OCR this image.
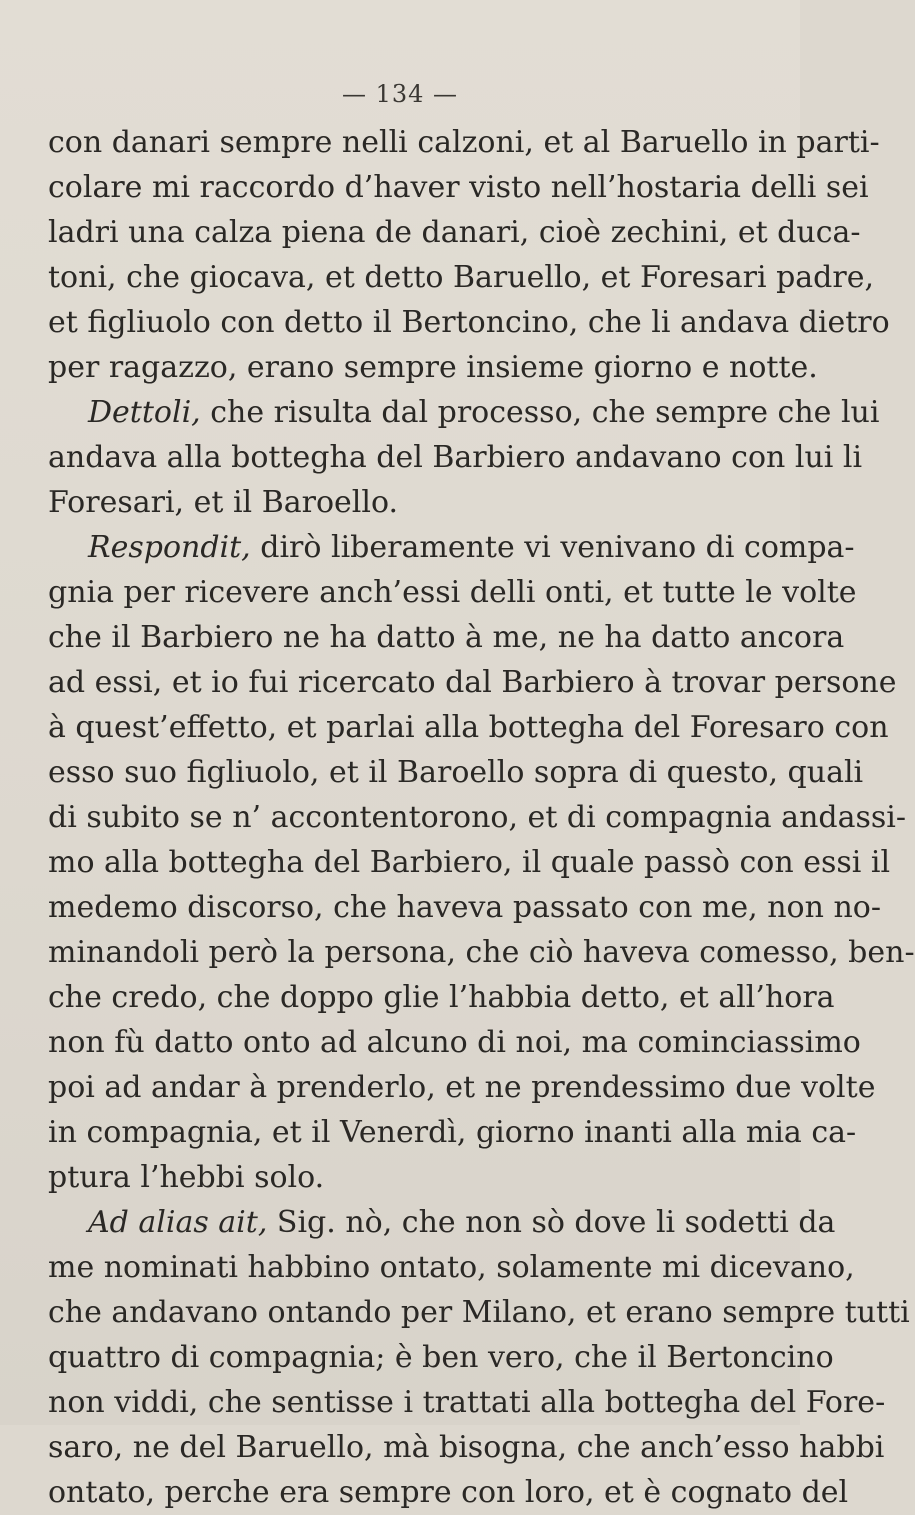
— 134 —
con danari sempre nelli calzoni, et al Baruello in parti-
colare mi raccordo d’haver visto nell’hostaria delli sei
ladri una calza piena de danari, cioè zechini, et duca-
toni, che giocava, et detto Baruello, et Foresari padre,
et figliuolo con detto il Bertoncino, che li andava dietro
per ragazzo, erano sempre insieme giorno e notte.
Dettoli, che risulta dal processo, che sempre che lui
andava alla bottegha del Barbiero andavano con lui li
Foresari, et il Baroello.
Respondit, dirò liberamente vi venivano di compa-
gnia per ricevere anch’essi delli onti, et tutte le volte
che il Barbiero ne ha datto à me, ne ha datto ancora
ad essi, et io fui ricercato dal Barbiero à trovar persone
à quest’effetto, et parlai alla bottegha del Foresaro con
esso suo figliuolo, et il Baroello sopra di questo, quali
di subito se n’ accontentorono, et di compagnia andassi-
mo alla bottegha del Barbiero, il quale passò con essi il
medemo discorso, che haveva passato con me, non no-
minandoli però la persona, che ciò haveva comesso, ben-
che credo, che doppo glie l’habbia detto, et all’hora
non fù datto onto ad alcuno di noi, ma cominciassimo
poi ad andar à prenderlo, et ne prendessimo due volte
in compagnia, et il Venerdì, giorno inanti alla mia ca-
ptura l’hebbi solo.
Ad alias ait, Sig. nò, che non sò dove li sodetti da
me nominati habbino ontato, solamente mi dicevano,
che andavano ontando per Milano, et erano sempre tutti
quattro di compagnia; è ben vero, che il Bertoncino
non viddi, che sentisse i trattati alla bottegha del Fore-
saro, ne del Baruello, mà bisogna, che anch’esso habbi
ontato, perche era sempre con loro, et è cognato del
